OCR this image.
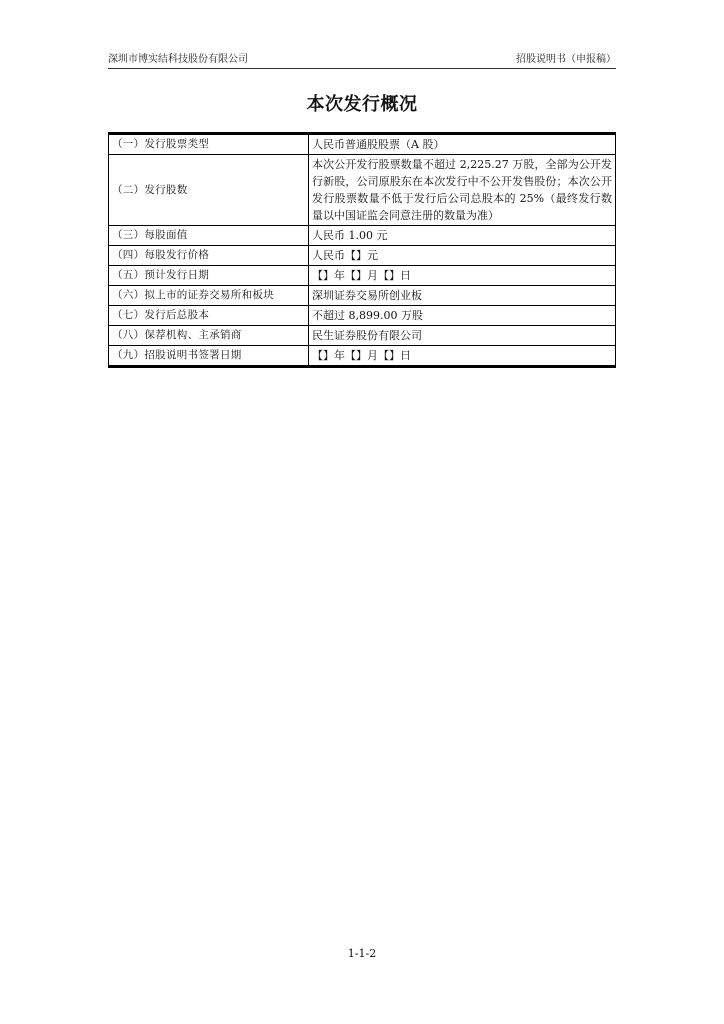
深圳市博实结科技股份有限公司	招股说明书（申报稿）
本次发行概况
（一）发行股票类型	人民币普通股股票（A 股）
（二）发行股数	本次公开发行股票数量不超过 2,225.27 万股，全部为公开发行新股，公司原股东在本次发行中不公开发售股份；本次公开发行股票数量不低于发行后公司总股本的 25%（最终发行数量以中国证监会同意注册的数量为准）
（三）每股面值	人民币 1.00 元
（四）每股发行价格	人民币【】元
（五）预计发行日期	【】年【】月【】日
（六）拟上市的证券交易所和板块	深圳证券交易所创业板
（七）发行后总股本	不超过 8,899.00 万股
（八）保荐机构、主承销商	民生证券股份有限公司
（九）招股说明书签署日期	【】年【】月【】日
1-1-2
